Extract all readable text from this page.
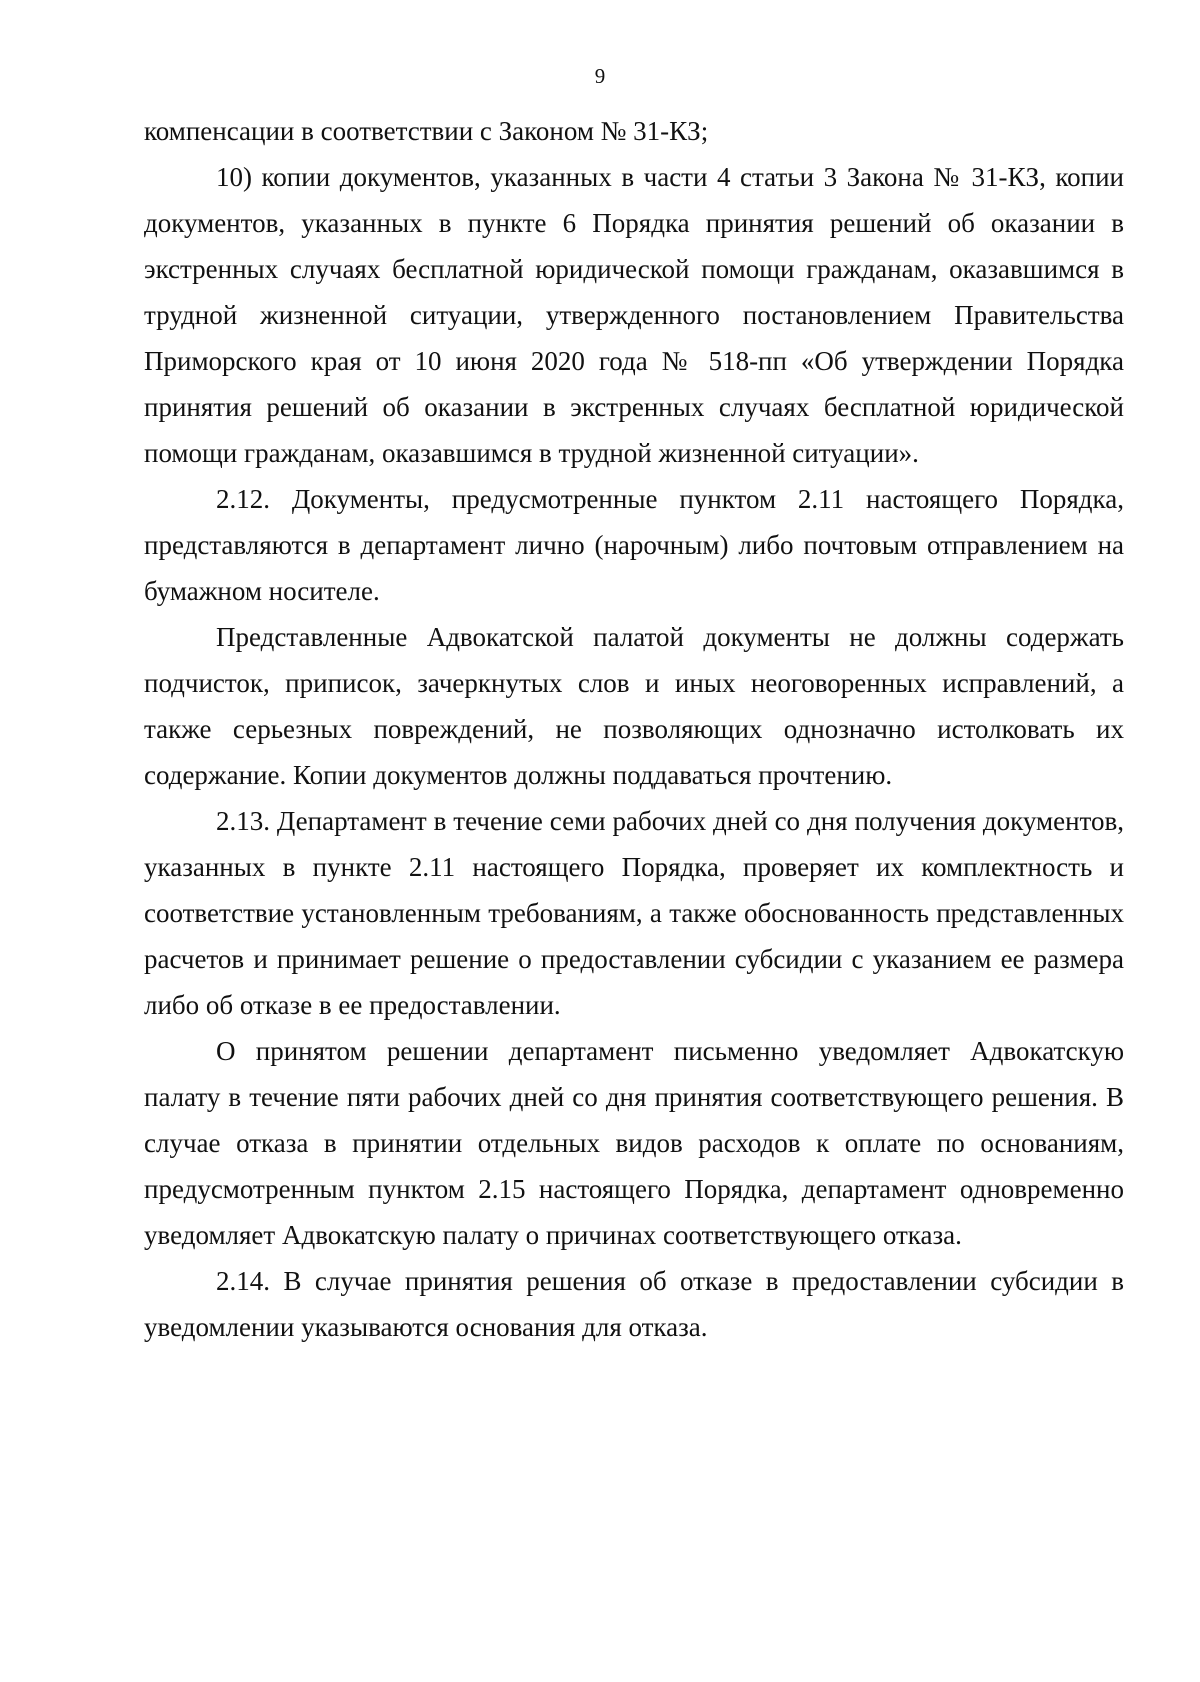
9

компенсации в соответствии с Законом № 31-КЗ;

10) копии документов, указанных в части 4 статьи 3 Закона № 31-КЗ, копии документов, указанных в пункте 6 Порядка принятия решений об оказании в экстренных случаях бесплатной юридической помощи гражданам, оказавшимся в трудной жизненной ситуации, утвержденного постановлением Правительства Приморского края от 10 июня 2020 года № 518-пп «Об утверждении Порядка принятия решений об оказании в экстренных случаях бесплатной юридической помощи гражданам, оказавшимся в трудной жизненной ситуации».

2.12. Документы, предусмотренные пунктом 2.11 настоящего Порядка, представляются в департамент лично (нарочным) либо почтовым отправлением на бумажном носителе.

Представленные Адвокатской палатой документы не должны содержать подчисток, приписок, зачеркнутых слов и иных неоговоренных исправлений, а также серьезных повреждений, не позволяющих однозначно истолковать их содержание. Копии документов должны поддаваться прочтению.

2.13. Департамент в течение семи рабочих дней со дня получения документов, указанных в пункте 2.11 настоящего Порядка, проверяет их комплектность и соответствие установленным требованиям, а также обоснованность представленных расчетов и принимает решение о предоставлении субсидии с указанием ее размера либо об отказе в ее предоставлении.

О принятом решении департамент письменно уведомляет Адвокатскую палату в течение пяти рабочих дней со дня принятия соответствующего решения. В случае отказа в принятии отдельных видов расходов к оплате по основаниям, предусмотренным пунктом 2.15 настоящего Порядка, департамент одновременно уведомляет Адвокатскую палату о причинах соответствующего отказа.

2.14. В случае принятия решения об отказе в предоставлении субсидии в уведомлении указываются основания для отказа.
